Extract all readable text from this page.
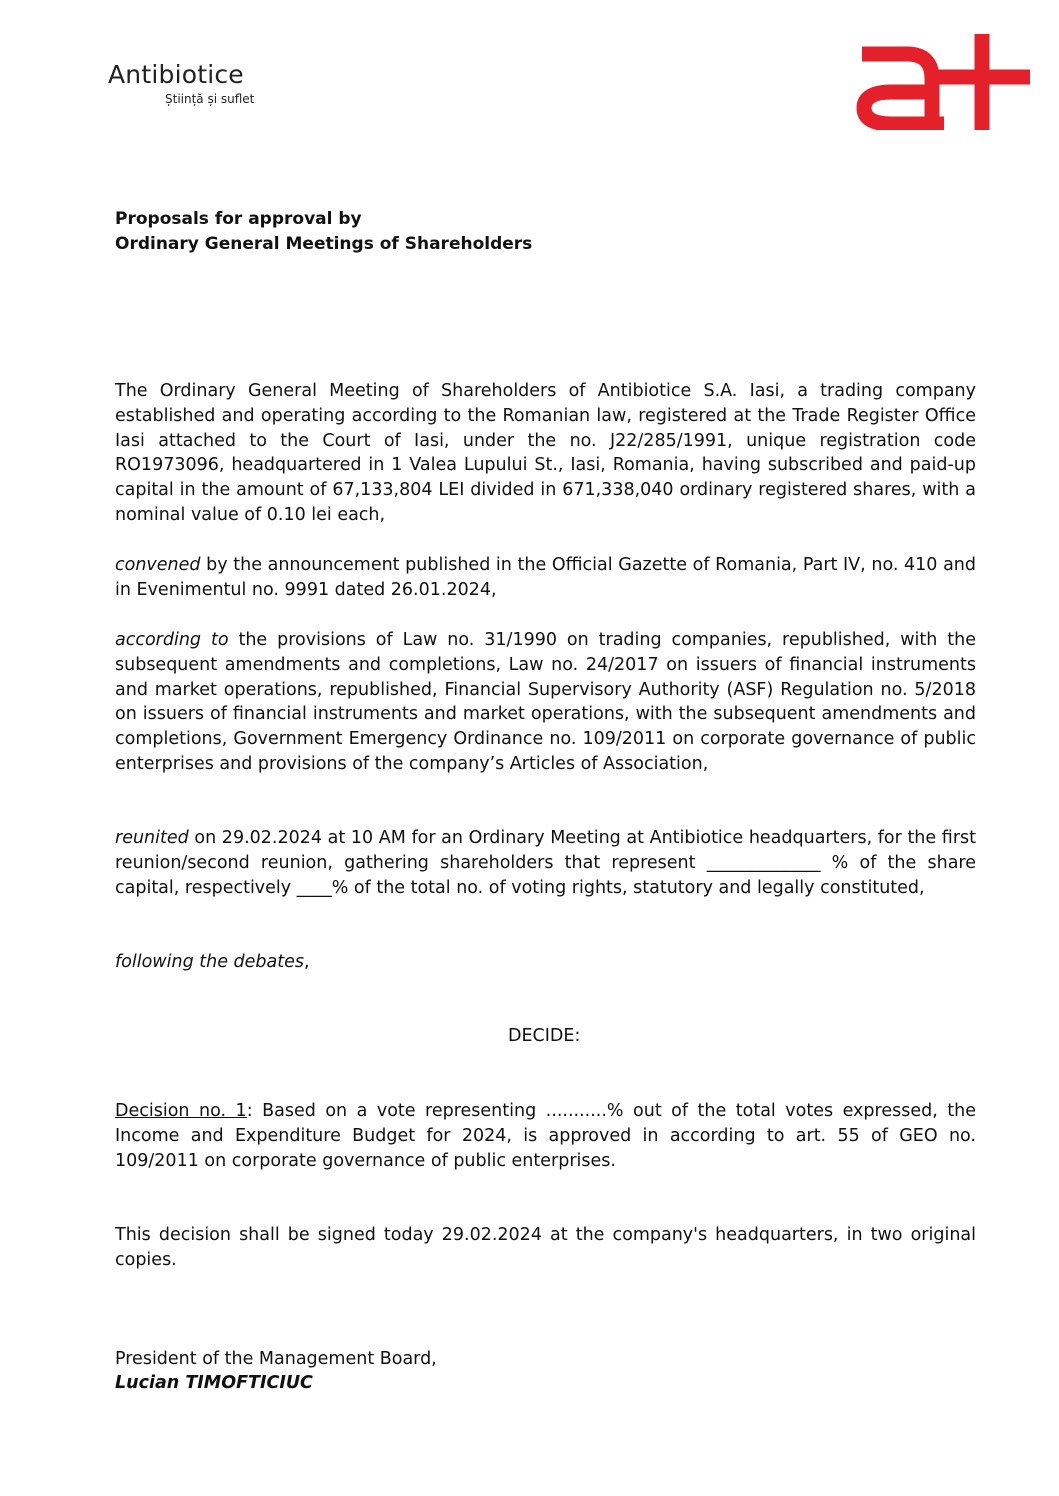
Antibiotice
Știință și suflet
Proposals for approval by
Ordinary General Meetings of Shareholders

The Ordinary General Meeting of Shareholders of Antibiotice S.A. Iasi, a trading company established and operating according to the Romanian law, registered at the Trade Register Office Iasi attached to the Court of Iasi, under the no. J22/285/1991, unique registration code RO1973096, headquartered in 1 Valea Lupului St., Iasi, Romania, having subscribed and paid-up capital in the amount of 67,133,804 LEI divided in 671,338,040 ordinary registered shares, with a nominal value of 0.10 lei each,

convened by the announcement published in the Official Gazette of Romania, Part IV, no. 410 and in Evenimentul no. 9991 dated 26.01.2024,

according to the provisions of Law no. 31/1990 on trading companies, republished, with the subsequent amendments and completions, Law no. 24/2017 on issuers of financial instruments and market operations, republished, Financial Supervisory Authority (ASF) Regulation no. 5/2018 on issuers of financial instruments and market operations, with the subsequent amendments and completions, Government Emergency Ordinance no. 109/2011 on corporate governance of public enterprises and provisions of the company’s Articles of Association,

reunited on 29.02.2024 at 10 AM for an Ordinary Meeting at Antibiotice headquarters, for the first reunion/second reunion, gathering shareholders that represent _____________ % of the share capital, respectively ____% of the total no. of voting rights, statutory and legally constituted,

following the debates,

DECIDE:

Decision no. 1: Based on a vote representing ...........% out of the total votes expressed, the Income and Expenditure Budget for 2024, is approved in according to art. 55 of GEO no. 109/2011 on corporate governance of public enterprises.

This decision shall be signed today 29.02.2024 at the company's headquarters, in two original copies.

President of the Management Board,
Lucian TIMOFTICIUC
